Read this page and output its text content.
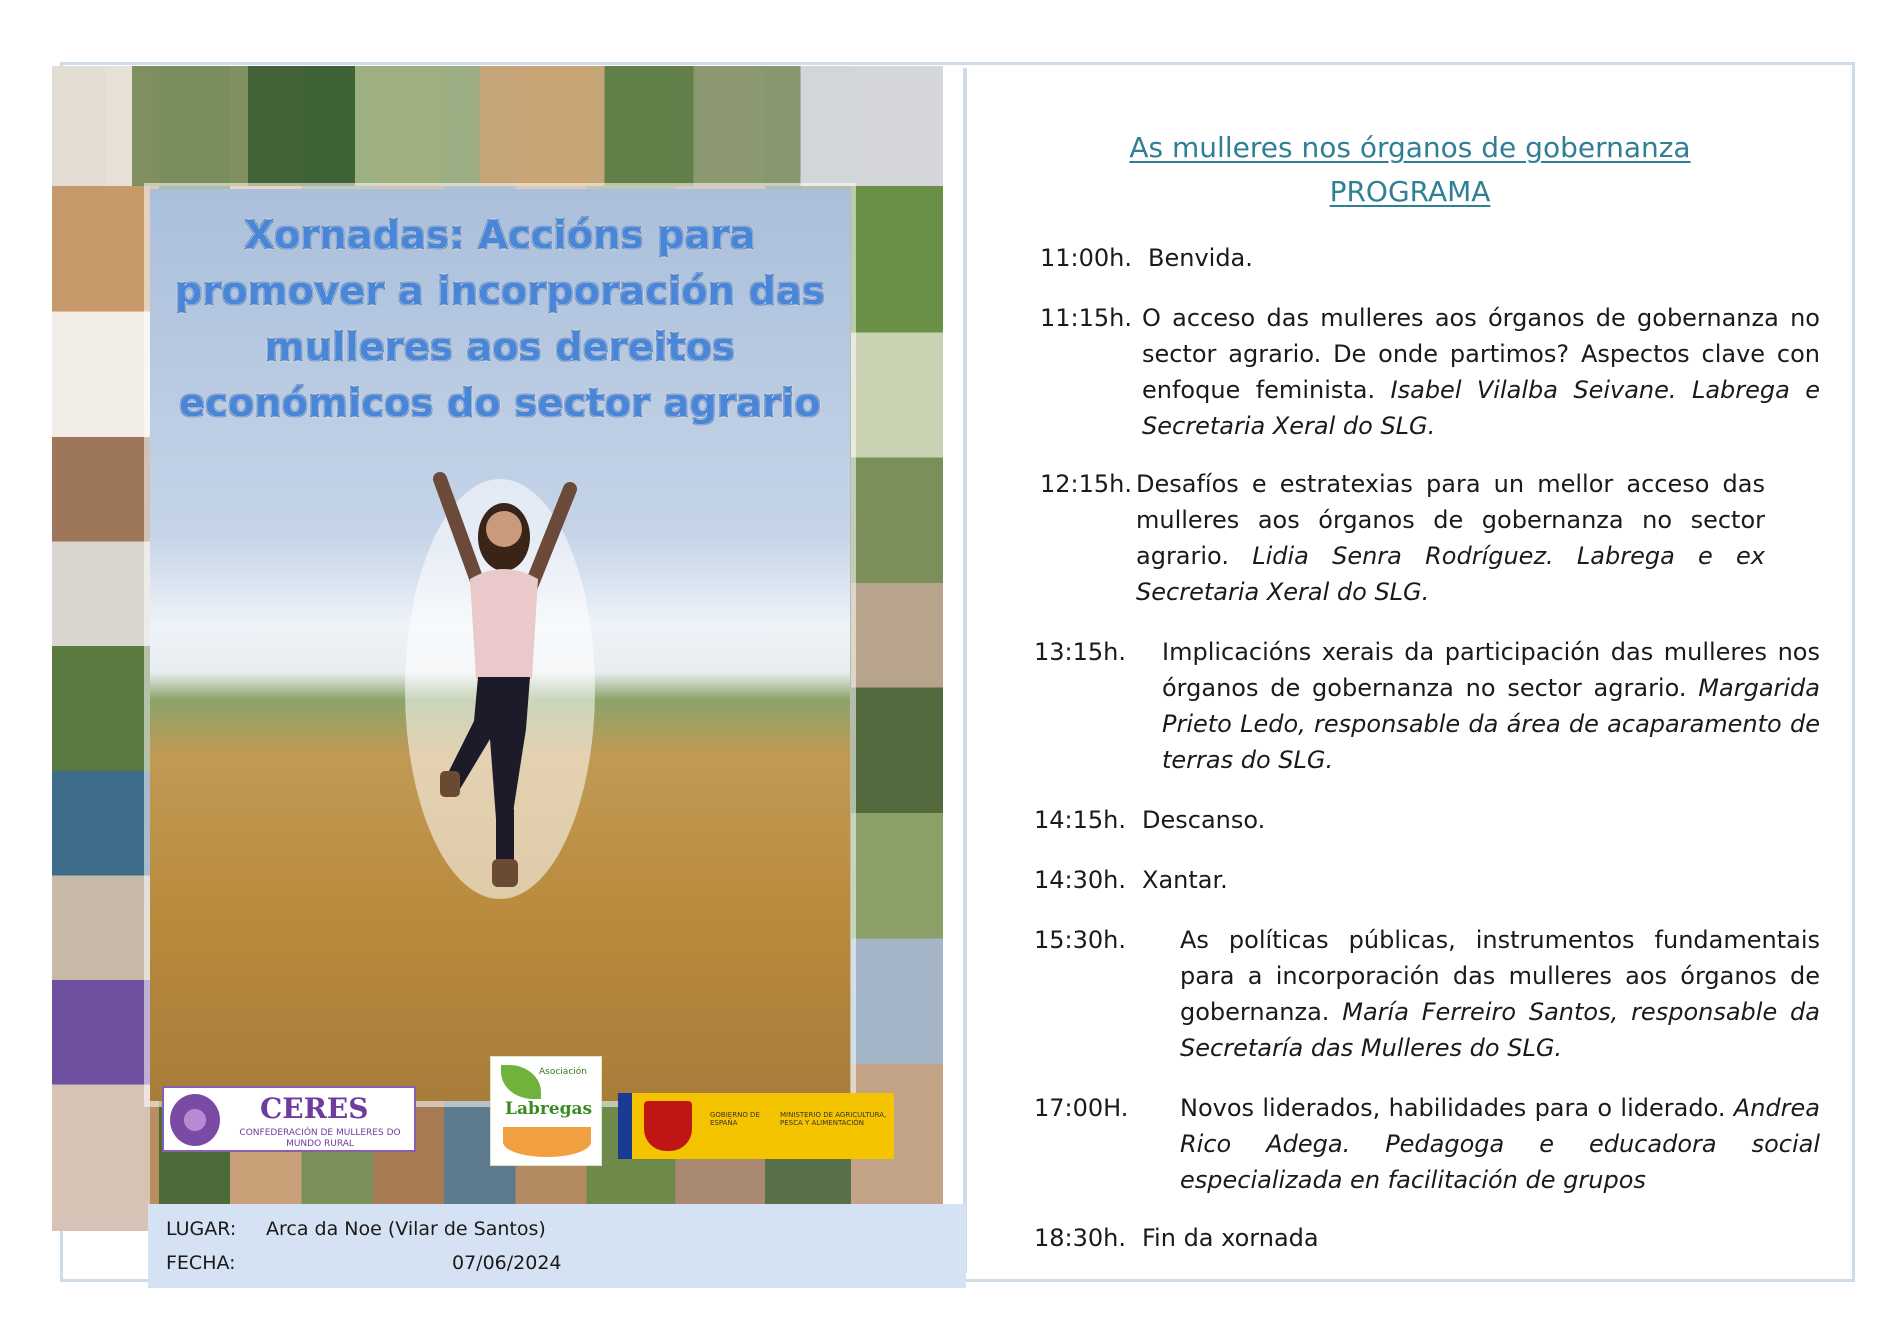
Xornadas: Accións para promover a incorporación das mulleres aos dereitos económicos do sector agrario
CERES
CONFEDERACIÓN DE MULLERES DO MUNDO RURAL
Asociación
Labregas	GOBIERNO DE ESPAÑA
MINISTERIO DE AGRICULTURA, PESCA Y ALIMENTACIÓN
LUGAR: Arca da Noe (Vilar de Santos)
FECHA:	07/06/2024
As mulleres nos órganos de gobernanza
PROGRAMA
11:00h. Benvida.
11:15h. O acceso das mulleres aos órganos de gobernanza no sector agrario. De onde partimos? Aspectos clave con enfoque feminista. Isabel Vilalba Seivane. Labrega e Secretaria Xeral do SLG.
12:15h. Desafíos e estratexias para un mellor acceso das mulleres aos órganos de gobernanza no sector agrario. Lidia Senra Rodríguez. Labrega e ex Secretaria Xeral do SLG.
13:15h.	Implicacións xerais da participación das mulleres nos órganos de gobernanza no sector agrario. Margarida Prieto Ledo, responsable da área de acaparamento de terras do SLG.
14:15h. Descanso.
14:30h. Xantar.
15:30h.	As políticas públicas, instrumentos fundamentais para a incorporación das mulleres aos órganos de gobernanza. María Ferreiro Santos, responsable da Secretaría das Mulleres do SLG.
17:00H.	Novos liderados, habilidades para o liderado. Andrea Rico Adega. Pedagoga e educadora social especializada en facilitación de grupos
18:30h. Fin da xornada
